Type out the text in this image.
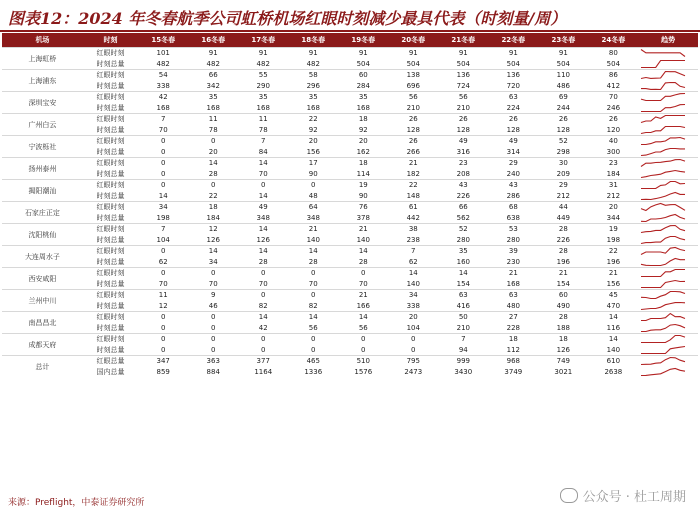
图表12：2024 年冬春航季公司虹桥机场红眼时刻减少最具代表（时刻量/周）
机场	时刻	15冬春	16冬春	17冬春	18冬春	19冬春	20冬春	21冬春	22冬春	23冬春	24冬春	趋势
上海虹桥	红眼时刻	101	91	91	91	91	91	91	91	91	80	

	时刻总量	482	482	482	482	504	504	504	504	504	504	

上海浦东	红眼时刻	54	66	55	58	60	138	136	136	110	86	

	时刻总量	338	342	290	296	284	696	724	720	486	412	

深圳宝安	红眼时刻	42	35	35	35	35	56	56	63	69	70	

	时刻总量	168	168	168	168	168	210	210	224	244	246	

广州白云	红眼时刻	7	11	11	22	18	26	26	26	26	26	

	时刻总量	70	78	78	92	92	128	128	128	128	120	

宁波栎社	红眼时刻	0	0	7	20	20	26	49	49	52	40	

	时刻总量	0	20	84	156	162	266	316	314	298	300	

扬州泰州	红眼时刻	0	14	14	17	18	21	23	29	30	23	

	时刻总量	0	28	70	90	114	182	208	240	209	184	

揭阳潮汕	红眼时刻	0	0	0	0	19	22	43	43	29	31	

	时刻总量	14	22	14	48	90	148	226	286	212	212	

石家庄正定	红眼时刻	34	18	49	64	76	61	66	68	44	20	

	时刻总量	198	184	348	348	378	442	562	638	449	344	

沈阳桃仙	红眼时刻	7	12	14	21	21	38	52	53	28	19	

	时刻总量	104	126	126	140	140	238	280	280	226	198	

大连周水子	红眼时刻	0	14	14	14	14	7	35	39	28	22	

	时刻总量	62	34	28	28	28	62	160	230	196	196	

西安咸阳	红眼时刻	0	0	0	0	0	14	14	21	21	21	

	时刻总量	70	70	70	70	70	140	154	168	154	156	

兰州中川	红眼时刻	11	9	0	0	21	34	63	63	60	45	

	时刻总量	12	46	82	82	166	338	416	480	490	470	

南昌昌北	红眼时刻	0	0	14	14	14	20	50	27	28	14	

	时刻总量	0	0	42	56	56	104	210	228	188	116	

成都天府	红眼时刻	0	0	0	0	0	0	7	18	18	14	

	时刻总量	0	0	0	0	0	0	94	112	126	140	

总计	红眼总量	347	363	377	465	510	795	999	968	749	610	

	国内总量	859	884	1164	1336	1576	2473	3430	3749	3021	2638	
来源：Preflight，中泰证券研究所	公众号 · 杜工周期
